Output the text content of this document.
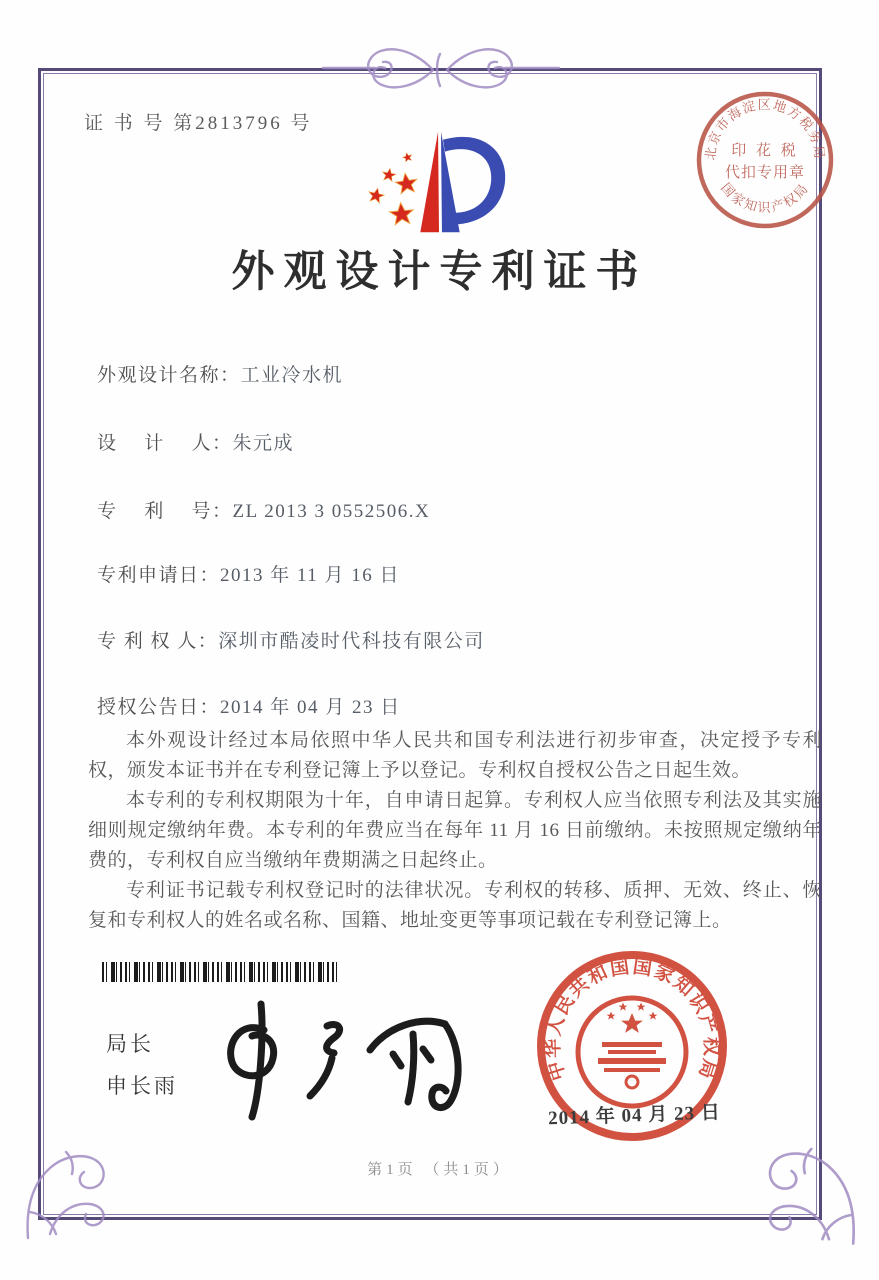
证 书 号 第2813796 号
外观设计专利证书
外观设计名称：工业冷水机
设　 计　 人：朱元成
专　 利　 号：ZL 2013 3 0552506.X
专利申请日：2013 年 11 月 16 日
专 利 权 人：深圳市酷凌时代科技有限公司
授权公告日：2014 年 04 月 23 日

本外观设计经过本局依照中华人民共和国专利法进行初步审查，决定授予专利权，颁发本证书并在专利登记簿上予以登记。专利权自授权公告之日起生效。

本专利的专利权期限为十年，自申请日起算。专利权人应当依照专利法及其实施细则规定缴纳年费。本专利的年费应当在每年 11 月 16 日前缴纳。未按照规定缴纳年费的，专利权自应当缴纳年费期满之日起终止。

专利证书记载专利权登记时的法律状况。专利权的转移、质押、无效、终止、恢复和专利权人的姓名或名称、国籍、地址变更等事项记载在专利登记簿上。

局长
申长雨
中华人民共和国国家知识产权局
2014 年 04 月 23 日
北京市海淀区地方税务局
国家知识产权局
印 花 税
代扣专用章
第1页 （共1页）
